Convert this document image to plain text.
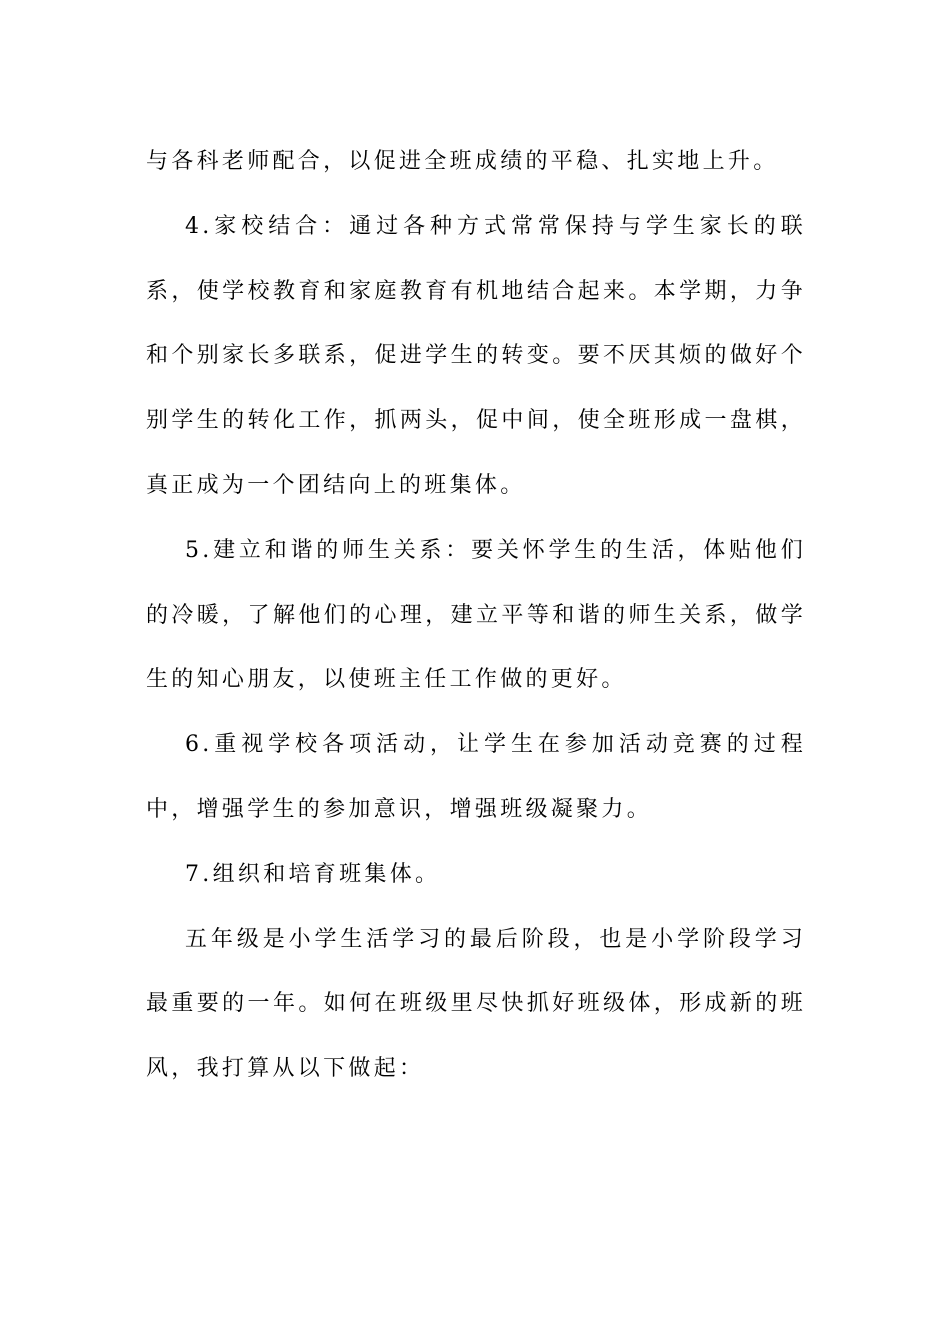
与各科老师配合，以促进全班成绩的平稳、扎实地上升。

4.家校结合：通过各种方式常常保持与学生家长的联系，使学校教育和家庭教育有机地结合起来。本学期，力争和个别家长多联系，促进学生的转变。要不厌其烦的做好个别学生的转化工作，抓两头，促中间，使全班形成一盘棋，真正成为一个团结向上的班集体。

5.建立和谐的师生关系：要关怀学生的生活，体贴他们的冷暖，了解他们的心理，建立平等和谐的师生关系，做学生的知心朋友，以使班主任工作做的更好。

6.重视学校各项活动，让学生在参加活动竞赛的过程中，增强学生的参加意识，增强班级凝聚力。

7.组织和培育班集体。

五年级是小学生活学习的最后阶段，也是小学阶段学习最重要的一年。如何在班级里尽快抓好班级体，形成新的班风，我打算从以下做起：
